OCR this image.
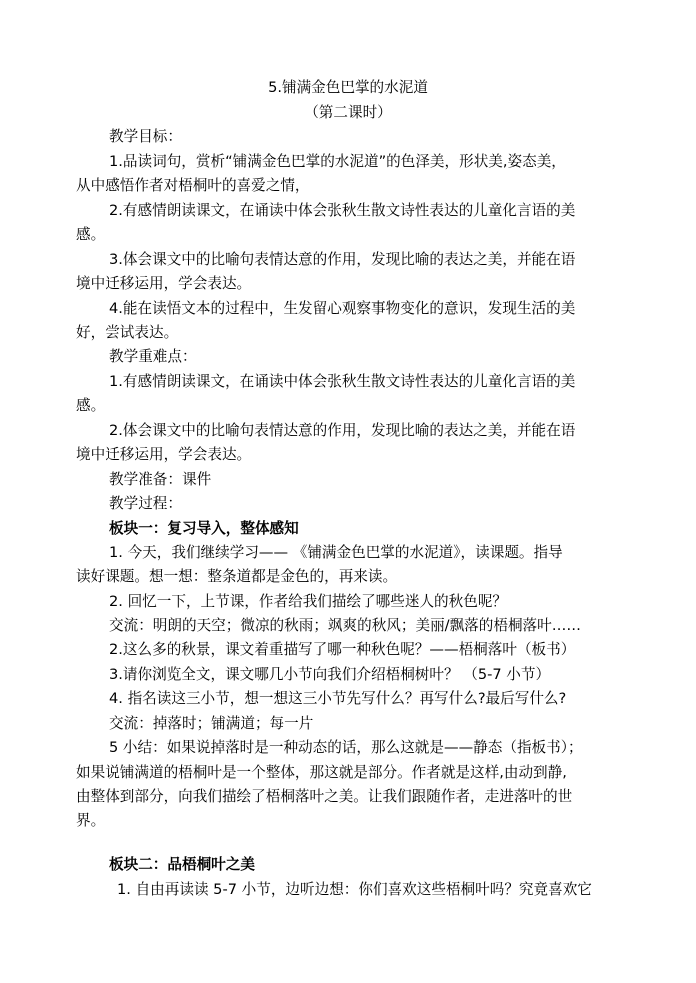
5.铺满金色巴掌的水泥道
（第二课时）
教学目标：
1.品读词句，赏析“铺满金色巴掌的水泥道”的色泽美，形状美,姿态美，
从中感悟作者对梧桐叶的喜爱之情，
2.有感情朗读课文，在诵读中体会张秋生散文诗性表达的儿童化言语的美
感。
3.体会课文中的比喻句表情达意的作用，发现比喻的表达之美，并能在语
境中迁移运用，学会表达。
4.能在读悟文本的过程中，生发留心观察事物变化的意识，发现生活的美
好，尝试表达。
教学重难点：
1.有感情朗读课文，在诵读中体会张秋生散文诗性表达的儿童化言语的美
感。
2.体会课文中的比喻句表情达意的作用，发现比喻的表达之美，并能在语
境中迁移运用，学会表达。
教学准备：课件
教学过程：
板块一：复习导入，整体感知
1. 今天，我们继续学习—— 《铺满金色巴掌的水泥道》，读课题。指导
读好课题。想一想：整条道都是金色的，再来读。
2. 回忆一下，上节课，作者给我们描绘了哪些迷人的秋色呢？
交流：明朗的天空；微凉的秋雨；飒爽的秋风；美丽/飘落的梧桐落叶……
2.这么多的秋景，课文着重描写了哪一种秋色呢？——梧桐落叶（板书）
3.请你浏览全文，课文哪几小节向我们介绍梧桐树叶？ （5-7 小节）
4. 指名读这三小节，想一想这三小节先写什么？再写什么?最后写什么?
交流：掉落时；铺满道；每一片
5 小结：如果说掉落时是一种动态的话，那么这就是——静态（指板书）；
如果说铺满道的梧桐叶是一个整体，那这就是部分。作者就是这样,由动到静,
由整体到部分，向我们描绘了梧桐落叶之美。让我们跟随作者，走进落叶的世
界。
板块二：品梧桐叶之美
1. 自由再读读 5-7 小节，边听边想：你们喜欢这些梧桐叶吗？究竟喜欢它
